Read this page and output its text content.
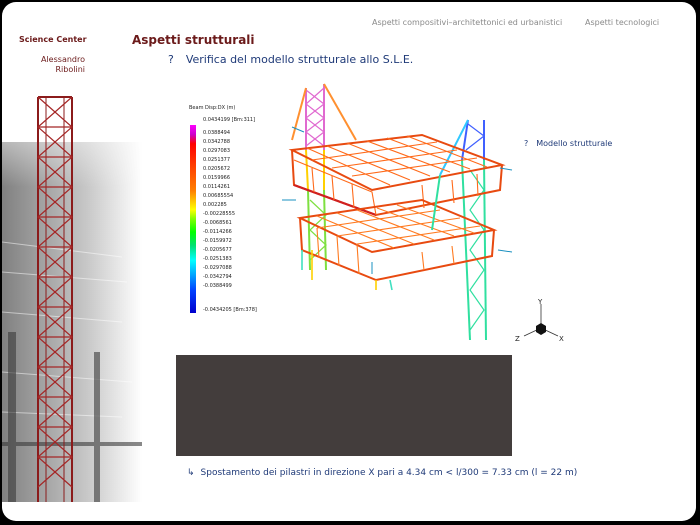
Aspetti compositivi–architettonici ed urbanistici	Aspetti tecnologici
Science Center
Alessandro
Ribolini
Aspetti strutturali
? Verifica del modello strutturale allo S.L.E.
Beam Disp:DX (m)
0.0434199 [Bm:311]
0.0388494
0.0342788
0.0297083
0.0251377
0.0205672
0.0159966
0.0114261
0.00685554
0.002285
-0.00228555
-0.0068561
-0.0114266
-0.0159972
-0.0205677
-0.0251383
-0.0297088
-0.0342794
-0.0388499
-0.0434205 [Bm:378]
? Modello strutturale
Y
X
Z
↳ Spostamento dei pilastri in direzione X pari a 4.34 cm < l/300 = 7.33 cm (l = 22 m)
